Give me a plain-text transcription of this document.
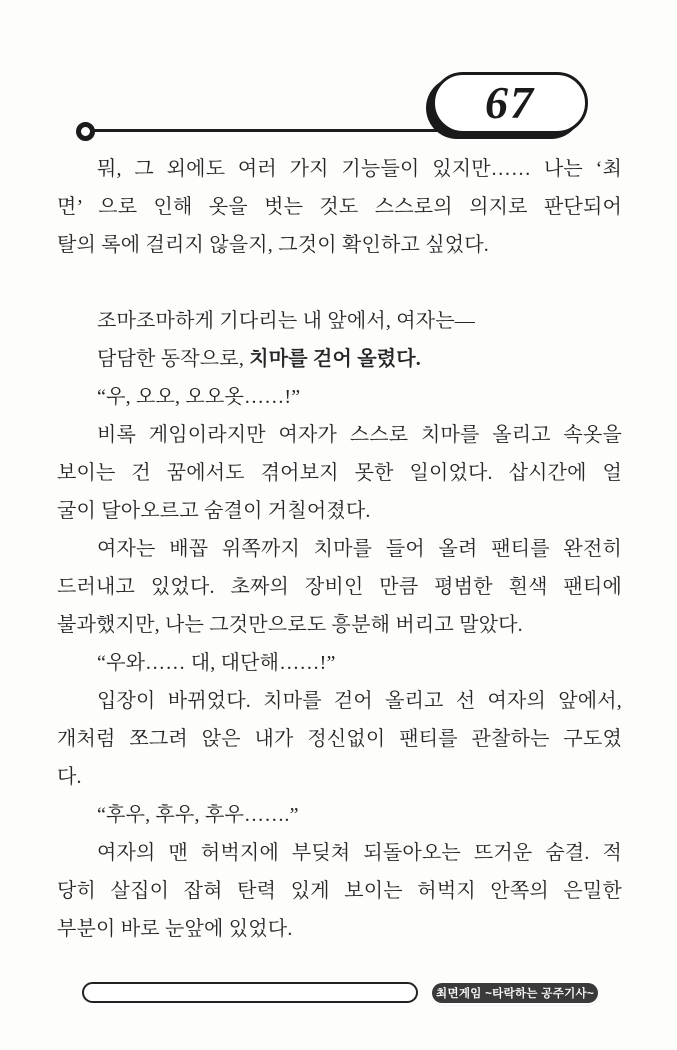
67
뭐, 그 외에도 여러 가지 기능들이 있지만…… 나는 ‘최
면’ 으로 인해 옷을 벗는 것도 스스로의 의지로 판단되어
탈의 록에 걸리지 않을지, 그것이 확인하고 싶었다.
조마조마하게 기다리는 내 앞에서, 여자는—
담담한 동작으로, 치마를 걷어 올렸다.
“우, 오오, 오오옷……!”
비록 게임이라지만 여자가 스스로 치마를 올리고 속옷을
보이는 건 꿈에서도 겪어보지 못한 일이었다. 삽시간에 얼
굴이 달아오르고 숨결이 거칠어졌다.
여자는 배꼽 위쪽까지 치마를 들어 올려 팬티를 완전히
드러내고 있었다. 초짜의 장비인 만큼 평범한 흰색 팬티에
불과했지만, 나는 그것만으로도 흥분해 버리고 말았다.
“우와…… 대, 대단해……!”
입장이 바뀌었다. 치마를 걷어 올리고 선 여자의 앞에서,
개처럼 쪼그려 앉은 내가 정신없이 팬티를 관찰하는 구도였
다.
“후우, 후우, 후우…….”
여자의 맨 허벅지에 부딪쳐 되돌아오는 뜨거운 숨결. 적
당히 살집이 잡혀 탄력 있게 보이는 허벅지 안쪽의 은밀한
부분이 바로 눈앞에 있었다.
최면게임 ~타락하는 공주기사~
